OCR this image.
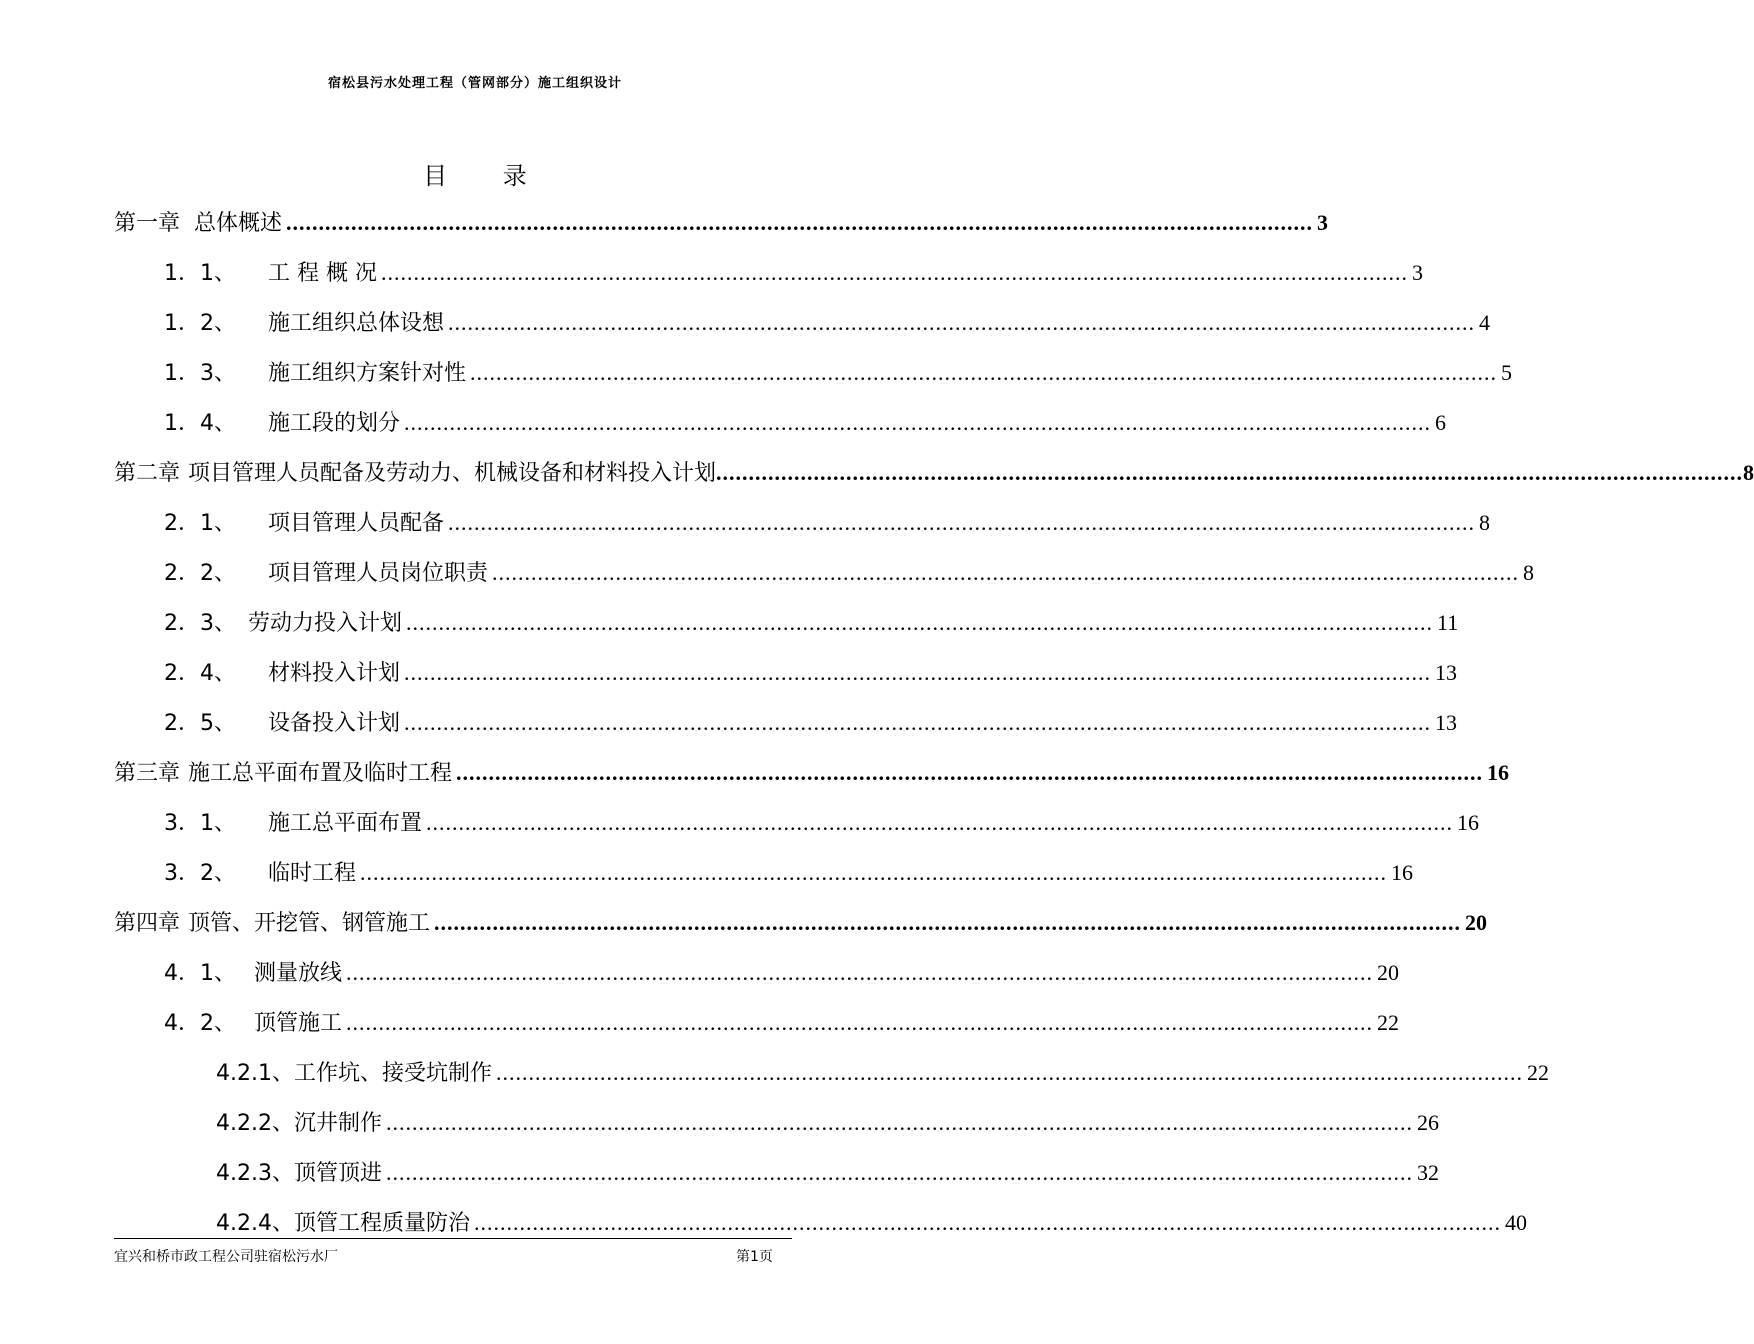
宿松县污水处理工程（管网部分）施工组织设计
目 录
第一章 总体概述 .............................................................................................................................................................. 3
1．1、	工 程 概 况 .............................................................................................................................................................. 3
1．2、	施工组织总体设想 .............................................................................................................................................................. 4
1．3、	施工组织方案针对性 .............................................................................................................................................................. 5
1．4、	施工段的划分 .............................................................................................................................................................. 6
第二章 项目管理人员配备及劳动力、机械设备和材料投入计划 .............................................................................................................................................................. 8
2．1、	项目管理人员配备 .............................................................................................................................................................. 8
2．2、	项目管理人员岗位职责 .............................................................................................................................................................. 8
2．3、 劳动力投入计划 .............................................................................................................................................................. 11
2．4、	材料投入计划 .............................................................................................................................................................. 13
2．5、	设备投入计划 .............................................................................................................................................................. 13
第三章 施工总平面布置及临时工程 .............................................................................................................................................................. 16
3．1、	施工总平面布置 .............................................................................................................................................................. 16
3．2、	临时工程 .............................................................................................................................................................. 16
第四章 顶管、开挖管、钢管施工 .............................................................................................................................................................. 20
4．1、 测量放线 .............................................................................................................................................................. 20
4．2、 顶管施工 .............................................................................................................................................................. 22
4.2.1、工作坑、接受坑制作 .............................................................................................................................................................. 22
4.2.2、沉井制作 .............................................................................................................................................................. 26
4.2.3、顶管顶进 .............................................................................................................................................................. 32
4.2.4、顶管工程质量防治 .............................................................................................................................................................. 40
宜兴和桥市政工程公司驻宿松污水厂	第1页
